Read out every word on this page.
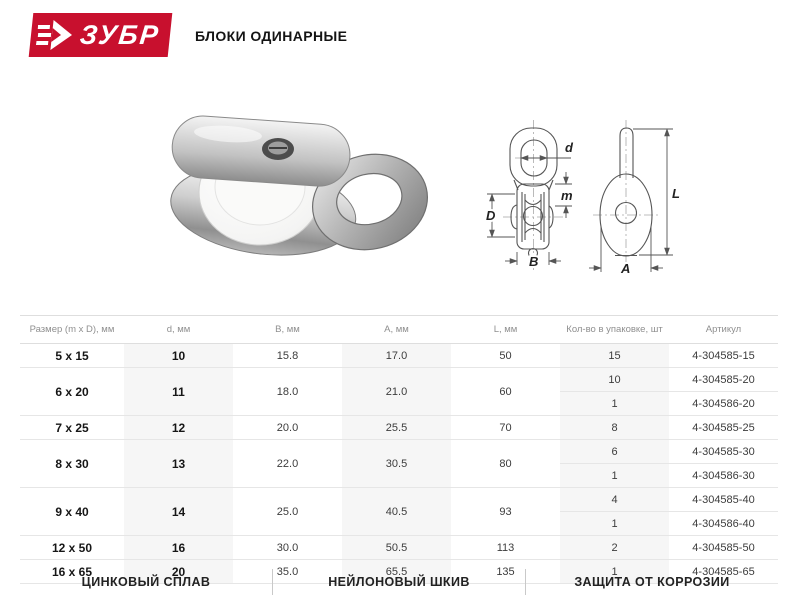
ЗУБР БЛОКИ ОДИНАРНЫЕ
d
m
D
B
L
A
Размер (m x D), мм	d, мм	B, мм	A, мм	L, мм	Кол-во в упаковке, шт	Артикул
5 x 15	10	15.8	17.0	50	15	4-304585-15
6 x 20	11	18.0	21.0	60	10	4-304585-20
					1	4-304586-20
7 x 25	12	20.0	25.5	70	8	4-304585-25
8 x 30	13	22.0	30.5	80	6	4-304585-30
					1	4-304586-30
9 x 40	14	25.0	40.5	93	4	4-304585-40
					1	4-304586-40
12 x 50	16	30.0	50.5	113	2	4-304585-50
16 x 65	20	35.0	65.5	135	1	4-304585-65
ЦИНКОВЫЙ СПЛАВ	НЕЙЛОНОВЫЙ ШКИВ	ЗАЩИТА ОТ КОРРОЗИИ
